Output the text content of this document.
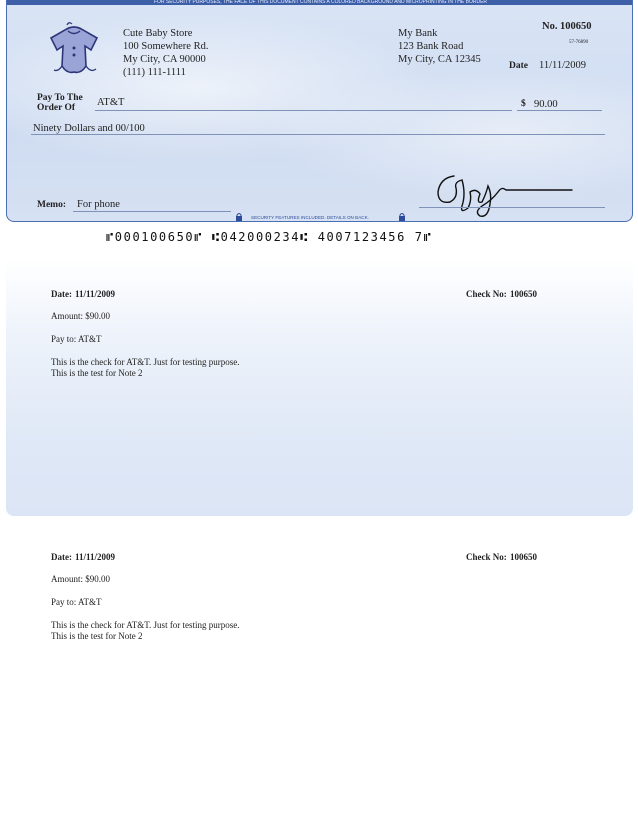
FOR SECURITY PURPOSES, THE FACE OF THIS DOCUMENT CONTAINS A COLORED BACKGROUND AND MICROPRINTING IN THE BORDER
Cute Baby Store
100 Somewhere Rd.
My City, CA 90000
(111) 111-1111
My Bank
123 Bank Road
My City, CA 12345
No. 100650
57-76890
Date 11/11/2009
Pay To The
Order Of AT&T	$ 90.00
Ninety Dollars and 00/100
Memo: For phone
SECURITY FEATURES INCLUDED. DETAILS ON BACK.
⑈000100650⑈ ⑆042000234⑆ 4007123456 7⑈
Date: 11/11/2009	Check No: 100650
Amount: $90.00
Pay to: AT&T
This is the check for AT&T. Just for testing purpose.
This is the test for Note 2
Date: 11/11/2009	Check No: 100650
Amount: $90.00
Pay to: AT&T
This is the check for AT&T. Just for testing purpose.
This is the test for Note 2
